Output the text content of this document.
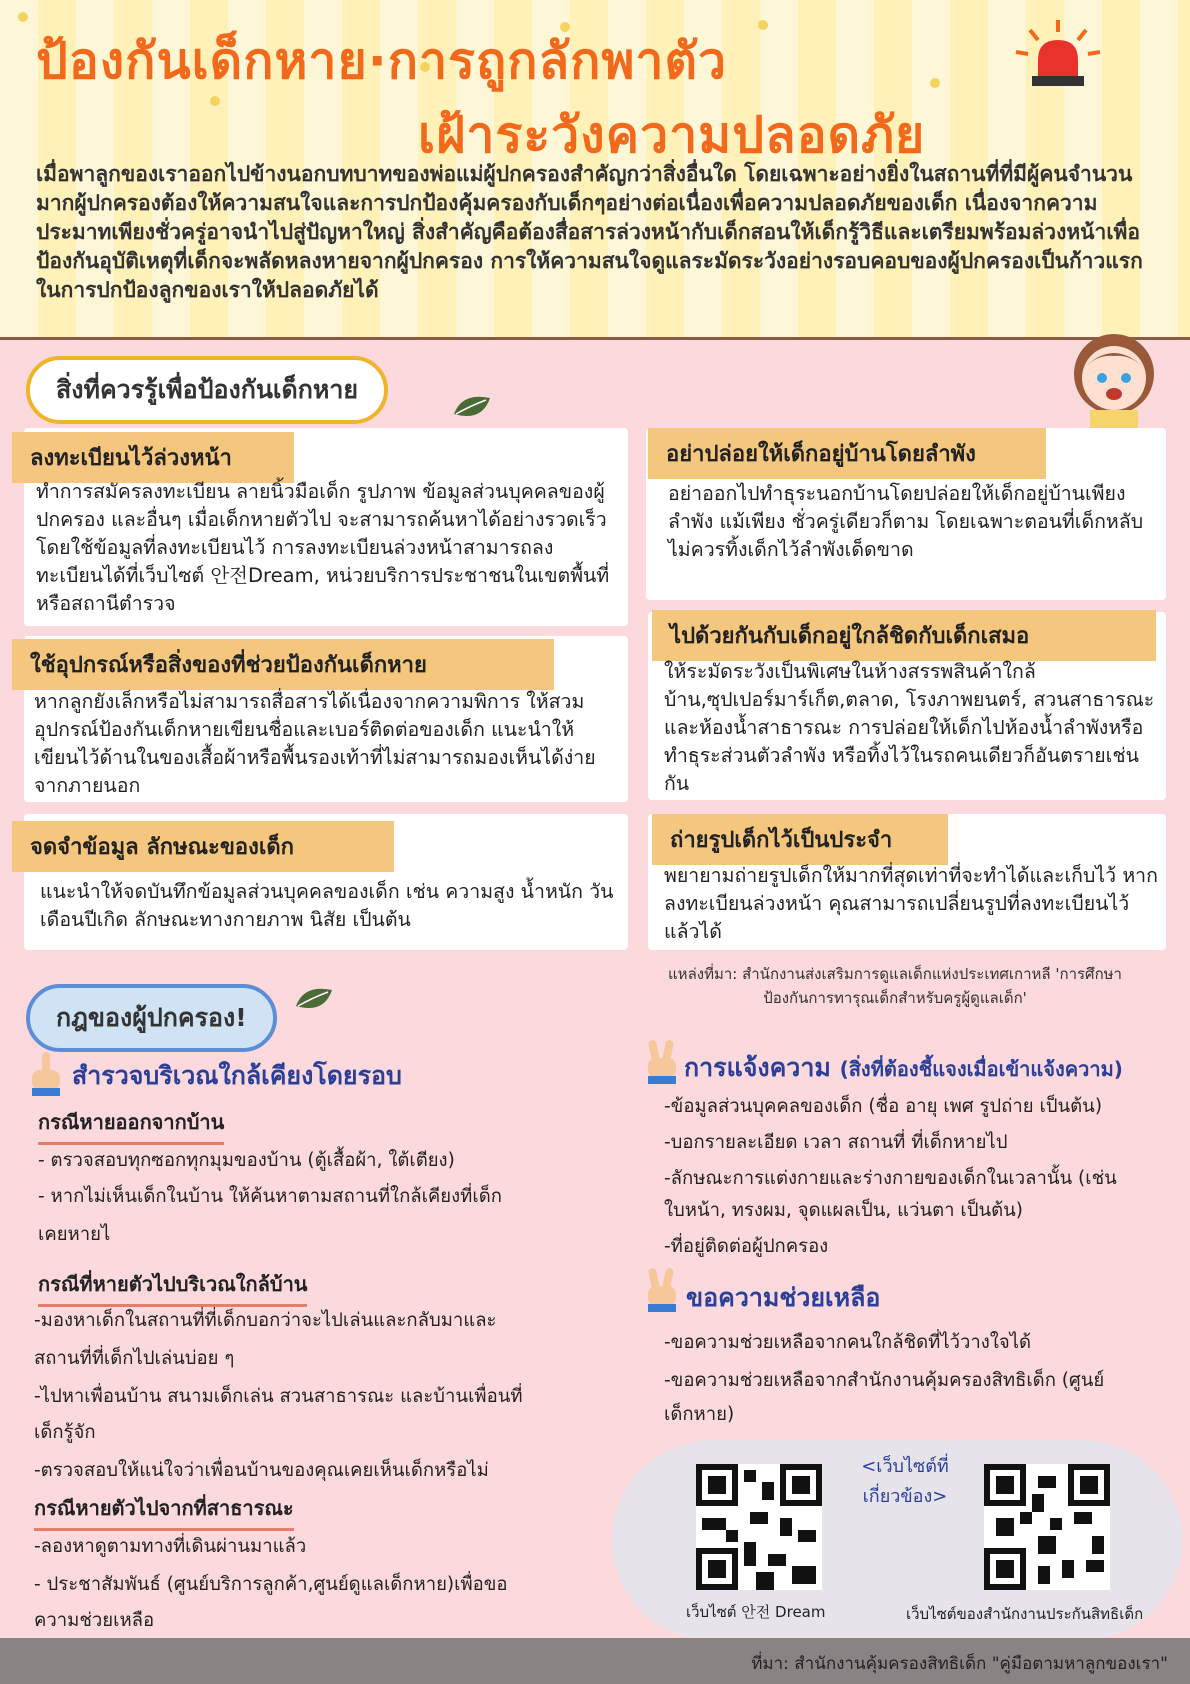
ป้องกันเด็กหาย·การถูกลักพาตัว
เฝ้าระวังความปลอดภัย
เมื่อพาลูกของเราออกไปข้างนอกบทบาทของพ่อแม่ผู้ปกครองสำคัญกว่าสิ่งอื่นใด โดยเฉพาะอย่างยิ่งในสถานที่ที่มีผู้คนจำนวนมากผู้ปกครองต้องให้ความสนใจและการปกป้องคุ้มครองกับเด็กๆอย่างต่อเนื่องเพื่อความปลอดภัยของเด็ก เนื่องจากความประมาทเพียงชั่วครู่อาจนำไปสู่ปัญหาใหญ่ สิ่งสำคัญคือต้องสื่อสารล่วงหน้ากับเด็กสอนให้เด็กรู้วิธีและเตรียมพร้อมล่วงหน้าเพื่อป้องกันอุบัติเหตุที่เด็กจะพลัดหลงหายจากผู้ปกครอง การให้ความสนใจดูแลระมัดระวังอย่างรอบคอบของผู้ปกครองเป็นก้าวแรกในการปกป้องลูกของเราให้ปลอดภัยได้
สิ่งที่ควรรู้เพื่อป้องกันเด็กหาย
ลงทะเบียนไว้ล่วงหน้า
ทำการสมัครลงทะเบียน ลายนิ้วมือเด็ก รูปภาพ ข้อมูลส่วนบุคคลของผู้ปกครอง และอื่นๆ เมื่อเด็กหายตัวไป จะสามารถค้นหาได้อย่างรวดเร็วโดยใช้ข้อมูลที่ลงทะเบียนไว้ การลงทะเบียนล่วงหน้าสามารถลงทะเบียนได้ที่เว็บไซต์ 안전Dream, หน่วยบริการประชาชนในเขตพื้นที่หรือสถานีตำรวจ
ใช้อุปกรณ์หรือสิ่งของที่ช่วยป้องกันเด็กหาย
หากลูกยังเล็กหรือไม่สามารถสื่อสารได้เนื่องจากความพิการ ให้สวมอุปกรณ์ป้องกันเด็กหายเขียนชื่อและเบอร์ติดต่อของเด็ก แนะนำให้เขียนไว้ด้านในของเสื้อผ้าหรือพื้นรองเท้าที่ไม่สามารถมองเห็นได้ง่ายจากภายนอก
จดจำข้อมูล ลักษณะของเด็ก
แนะนำให้จดบันทึกข้อมูลส่วนบุคคลของเด็ก เช่น ความสูง น้ำหนัก วันเดือนปีเกิด ลักษณะทางกายภาพ นิสัย เป็นต้น
อย่าปล่อยให้เด็กอยู่บ้านโดยลำพัง
อย่าออกไปทำธุระนอกบ้านโดยปล่อยให้เด็กอยู่บ้านเพียงลำพัง แม้เพียง ชั่วครู่เดียวก็ตาม โดยเฉพาะตอนที่เด็กหลับ ไม่ควรทิ้งเด็กไว้ลำพังเด็ดขาด
ไปด้วยกันกับเด็กอยู่ใกล้ชิดกับเด็กเสมอ
ให้ระมัดระวังเป็นพิเศษในห้างสรรพสินค้าใกล้บ้าน,ซุปเปอร์มาร์เก็ต,ตลาด, โรงภาพยนตร์, สวนสาธารณะและห้องน้ำสาธารณะ การปล่อยให้เด็กไปห้องน้ำลำพังหรือทำธุระส่วนตัวลำพัง หรือทิ้งไว้ในรถคนเดียวก็อันตรายเช่นกัน
ถ่ายรูปเด็กไว้เป็นประจำ
พยายามถ่ายรูปเด็กให้มากที่สุดเท่าที่จะทำได้และเก็บไว้ หากลงทะเบียนล่วงหน้า คุณสามารถเปลี่ยนรูปที่ลงทะเบียนไว้แล้วได้
แหล่งที่มา: สำนักงานส่งเสริมการดูแลเด็กแห่งประเทศเกาหลี 'การศึกษาป้องกันการทารุณเด็กสำหรับครูผู้ดูแลเด็ก'
กฎของผู้ปกครอง!
สำรวจบริเวณใกล้เคียงโดยรอบ
กรณีหายออกจากบ้าน
- ตรวจสอบทุกซอกทุกมุมของบ้าน (ตู้เสื้อผ้า, ใต้เตียง)
- หากไม่เห็นเด็กในบ้าน ให้ค้นหาตามสถานที่ใกล้เคียงที่เด็ก
เคยหายไ
กรณีที่หายตัวไปบริเวณใกล้บ้าน
-มองหาเด็กในสถานที่ที่เด็กบอกว่าจะไปเล่นและกลับมาและ
สถานที่ที่เด็กไปเล่นบ่อย ๆ
-ไปหาเพื่อนบ้าน สนามเด็กเล่น สวนสาธารณะ และบ้านเพื่อนที่
เด็กรู้จัก
-ตรวจสอบให้แน่ใจว่าเพื่อนบ้านของคุณเคยเห็นเด็กหรือไม่
กรณีหายตัวไปจากที่สาธารณะ
-ลองหาดูตามทางที่เดินผ่านมาแล้ว
- ประชาสัมพันธ์ (ศูนย์บริการลูกค้า,ศูนย์ดูแลเด็กหาย)เพื่อขอ
ความช่วยเหลือ
การแจ้งความ (สิ่งที่ต้องชี้แจงเมื่อเข้าแจ้งความ)
-ข้อมูลส่วนบุคคลของเด็ก (ชื่อ อายุ เพศ รูปถ่าย เป็นต้น)
-บอกรายละเอียด เวลา สถานที่ ที่เด็กหายไป
-ลักษณะการแต่งกายและร่างกายของเด็กในเวลานั้น (เช่น
ใบหน้า, ทรงผม, จุดแผลเป็น, แว่นตา เป็นต้น)
-ที่อยู่ติดต่อผู้ปกครอง
ขอความช่วยเหลือ
-ขอความช่วยเหลือจากคนใกล้ชิดที่ไว้วางใจได้
-ขอความช่วยเหลือจากสำนักงานคุ้มครองสิทธิเด็ก (ศูนย์
เด็กหาย)
<เว็บไซต์ที่
เกี่ยวข้อง>
เว็บไซต์ 안전 Dream	เว็บไซต์ของสำนักงานประกันสิทธิเด็ก
ที่มา: สำนักงานคุ้มครองสิทธิเด็ก "คู่มือตามหาลูกของเรา"
